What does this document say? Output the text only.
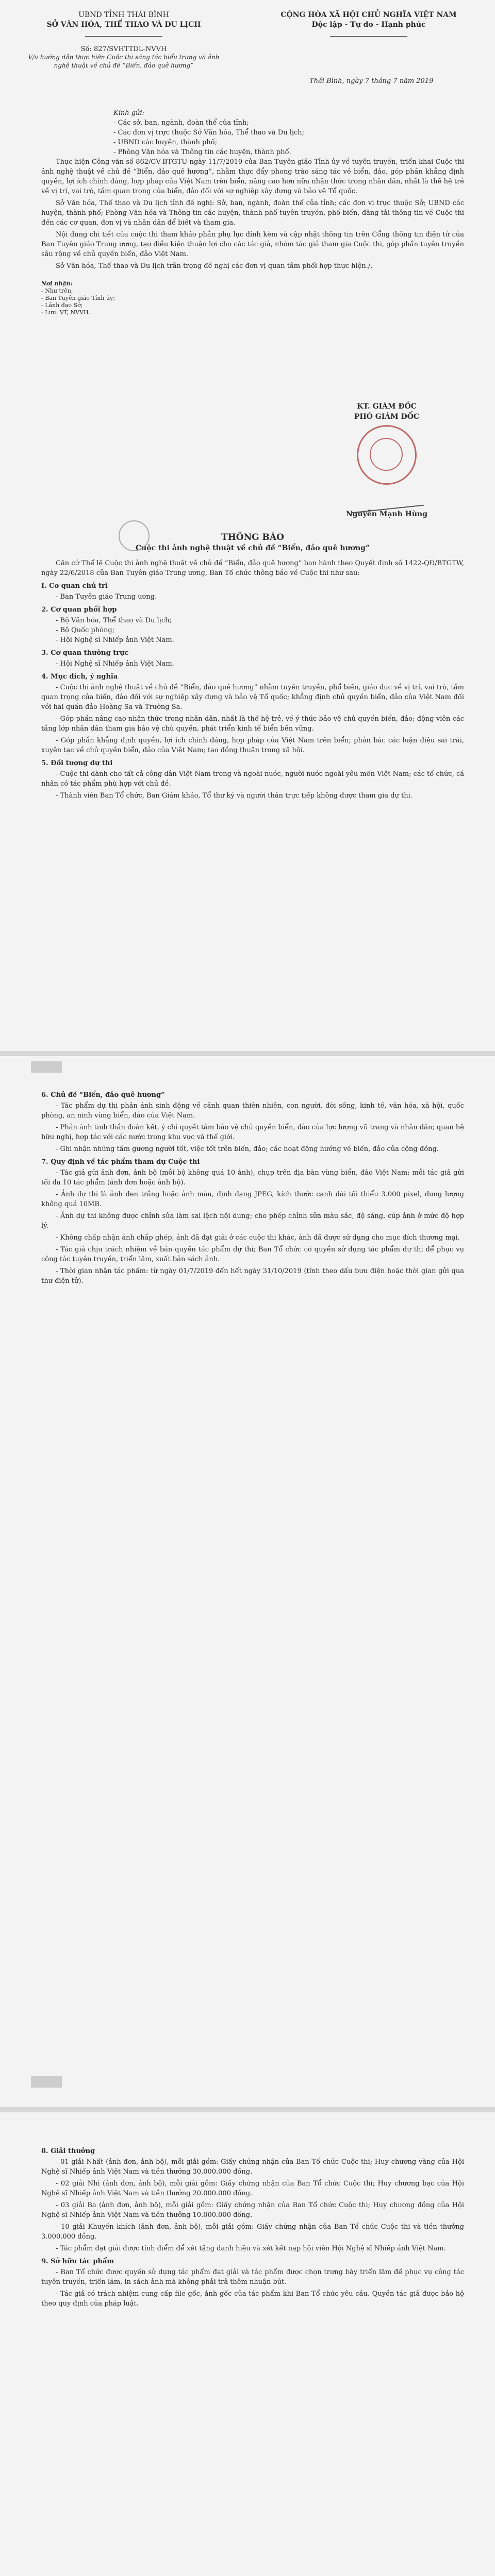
UBND TỈNH THÁI BÌNH
SỞ VĂN HÓA, THỂ THAO VÀ DU LỊCH
Số: 827/SVHTTDL-NVVH
V/v hướng dẫn thực hiện Cuộc thi sáng tác biểu trưng và ảnh nghệ thuật về chủ đề “Biển, đảo quê hương”
CỘNG HÒA XÃ HỘI CHỦ NGHĨA VIỆT NAM
Độc lập - Tự do - Hạnh phúc
Thái Bình, ngày 7 tháng 7 năm 2019
Kính gửi:
- Các sở, ban, ngành, đoàn thể của tỉnh;
- Các đơn vị trực thuộc Sở Văn hóa, Thể thao và Du lịch;
- UBND các huyện, thành phố;
- Phòng Văn hóa và Thông tin các huyện, thành phố.

Thực hiện Công văn số 862/CV-BTGTU ngày 11/7/2019 của Ban Tuyên giáo Tỉnh ủy về tuyên truyền, triển khai Cuộc thi ảnh nghệ thuật về chủ đề “Biển, đảo quê hương”, nhằm thực đẩy phong trào sáng tác về biển, đảo, góp phần khẳng định quyền, lợi ích chính đáng, hợp pháp của Việt Nam trên biển, nâng cao hơn nữa nhận thức trong nhân dân, nhất là thế hệ trẻ về vị trí, vai trò, tầm quan trọng của biển, đảo đối với sự nghiệp xây dựng và bảo vệ Tổ quốc.

Sở Văn hóa, Thể thao và Du lịch tỉnh đề nghị: Sở, ban, ngành, đoàn thể của tỉnh; các đơn vị trực thuộc Sở; UBND các huyện, thành phố; Phòng Văn hóa và Thông tin các huyện, thành phố tuyên truyền, phổ biến, đăng tải thông tin về Cuộc thi đến các cơ quan, đơn vị và nhân dân để biết và tham gia.

Nội dung chi tiết của cuộc thi tham khảo phần phụ lục đính kèm và cập nhật thông tin trên Cổng thông tin điện tử của Ban Tuyên giáo Trung ương, tạo điều kiện thuận lợi cho các tác giả, nhóm tác giả tham gia Cuộc thi, góp phần tuyên truyền sâu rộng về chủ quyền biển, đảo Việt Nam.

Sở Văn hóa, Thể thao và Du lịch trân trọng đề nghị các đơn vị quan tâm phối hợp thực hiện./.

Nơi nhận:
- Như trên;
- Ban Tuyên giáo Tỉnh ủy;
- Lãnh đạo Sở;
- Lưu: VT, NVVH.
KT. GIÁM ĐỐC
PHÓ GIÁM ĐỐC
Nguyễn Mạnh Hùng
THÔNG BÁO
Cuộc thi ảnh nghệ thuật về chủ đề “Biển, đảo quê hương”

Căn cứ Thể lệ Cuộc thi ảnh nghệ thuật về chủ đề “Biển, đảo quê hương” ban hành theo Quyết định số 1422-QĐ/BTGTW, ngày 22/6/2018 của Ban Tuyên giáo Trung ương, Ban Tổ chức thông báo về Cuộc thi như sau:

I. Cơ quan chủ trì
- Ban Tuyên giáo Trung ương.
2. Cơ quan phối hợp
- Bộ Văn hóa, Thể thao và Du lịch;
- Bộ Quốc phòng;
- Hội Nghệ sĩ Nhiếp ảnh Việt Nam.
3. Cơ quan thường trực
- Hội Nghệ sĩ Nhiếp ảnh Việt Nam.
4. Mục đích, ý nghĩa

- Cuộc thi ảnh nghệ thuật về chủ đề “Biển, đảo quê hương” nhằm tuyên truyền, phổ biến, giáo dục về vị trí, vai trò, tầm quan trọng của biển, đảo đối với sự nghiệp xây dựng và bảo vệ Tổ quốc; khẳng định chủ quyền biển, đảo của Việt Nam đối với hai quần đảo Hoàng Sa và Trường Sa.

- Góp phần nâng cao nhận thức trong nhân dân, nhất là thế hệ trẻ, về ý thức bảo vệ chủ quyền biển, đảo; động viên các tầng lớp nhân dân tham gia bảo vệ chủ quyền, phát triển kinh tế biển bền vững.

- Góp phần khẳng định quyền, lợi ích chính đáng, hợp pháp của Việt Nam trên biển; phản bác các luận điệu sai trái, xuyên tạc về chủ quyền biển, đảo của Việt Nam; tạo đồng thuận trong xã hội.

5. Đối tượng dự thi

- Cuộc thi dành cho tất cả công dân Việt Nam trong và ngoài nước, người nước ngoài yêu mến Việt Nam; các tổ chức, cá nhân có tác phẩm phù hợp với chủ đề.

- Thành viên Ban Tổ chức, Ban Giám khảo, Tổ thư ký và người thân trực tiếp không được tham gia dự thi.

6. Chủ đề “Biển, đảo quê hương”

- Tác phẩm dự thi phản ánh sinh động về cảnh quan thiên nhiên, con người, đời sống, kinh tế, văn hóa, xã hội, quốc phòng, an ninh vùng biển, đảo của Việt Nam.

- Phản ánh tinh thần đoàn kết, ý chí quyết tâm bảo vệ chủ quyền biển, đảo của lực lượng vũ trang và nhân dân; quan hệ hữu nghị, hợp tác với các nước trong khu vực và thế giới.

- Ghi nhận những tấm gương người tốt, việc tốt trên biển, đảo; các hoạt động hướng về biển, đảo của cộng đồng.

7. Quy định về tác phẩm tham dự Cuộc thi

- Tác giả gửi ảnh đơn, ảnh bộ (mỗi bộ không quá 10 ảnh), chụp trên địa bàn vùng biển, đảo Việt Nam; mỗi tác giả gửi tối đa 10 tác phẩm (ảnh đơn hoặc ảnh bộ).

- Ảnh dự thi là ảnh đen trắng hoặc ảnh màu, định dạng JPEG, kích thước cạnh dài tối thiểu 3.000 pixel, dung lượng không quá 10MB.

- Ảnh dự thi không được chỉnh sửa làm sai lệch nội dung; cho phép chỉnh sửa màu sắc, độ sáng, cúp ảnh ở mức độ hợp lý.

- Không chấp nhận ảnh chắp ghép, ảnh đã đạt giải ở các cuộc thi khác, ảnh đã được sử dụng cho mục đích thương mại.

- Tác giả chịu trách nhiệm về bản quyền tác phẩm dự thi; Ban Tổ chức có quyền sử dụng tác phẩm dự thi để phục vụ công tác tuyên truyền, triển lãm, xuất bản sách ảnh.

- Thời gian nhận tác phẩm: từ ngày 01/7/2019 đến hết ngày 31/10/2019 (tính theo dấu bưu điện hoặc thời gian gửi qua thư điện tử).

8. Giải thưởng

- 01 giải Nhất (ảnh đơn, ảnh bộ), mỗi giải gồm: Giấy chứng nhận của Ban Tổ chức Cuộc thi; Huy chương vàng của Hội Nghệ sĩ Nhiếp ảnh Việt Nam và tiền thưởng 30.000.000 đồng.

- 02 giải Nhì (ảnh đơn, ảnh bộ), mỗi giải gồm: Giấy chứng nhận của Ban Tổ chức Cuộc thi; Huy chương bạc của Hội Nghệ sĩ Nhiếp ảnh Việt Nam và tiền thưởng 20.000.000 đồng.

- 03 giải Ba (ảnh đơn, ảnh bộ), mỗi giải gồm: Giấy chứng nhận của Ban Tổ chức Cuộc thi; Huy chương đồng của Hội Nghệ sĩ Nhiếp ảnh Việt Nam và tiền thưởng 10.000.000 đồng.

- 10 giải Khuyến khích (ảnh đơn, ảnh bộ), mỗi giải gồm: Giấy chứng nhận của Ban Tổ chức Cuộc thi và tiền thưởng 3.000.000 đồng.

- Tác phẩm đạt giải được tính điểm để xét tặng danh hiệu và xét kết nạp hội viên Hội Nghệ sĩ Nhiếp ảnh Việt Nam.

9. Sở hữu tác phẩm

- Ban Tổ chức được quyền sử dụng tác phẩm đạt giải và tác phẩm được chọn trưng bày triển lãm để phục vụ công tác tuyên truyền, triển lãm, in sách ảnh mà không phải trả thêm nhuận bút.

- Tác giả có trách nhiệm cung cấp file gốc, ảnh gốc của tác phẩm khi Ban Tổ chức yêu cầu. Quyền tác giả được bảo hộ theo quy định của pháp luật.
